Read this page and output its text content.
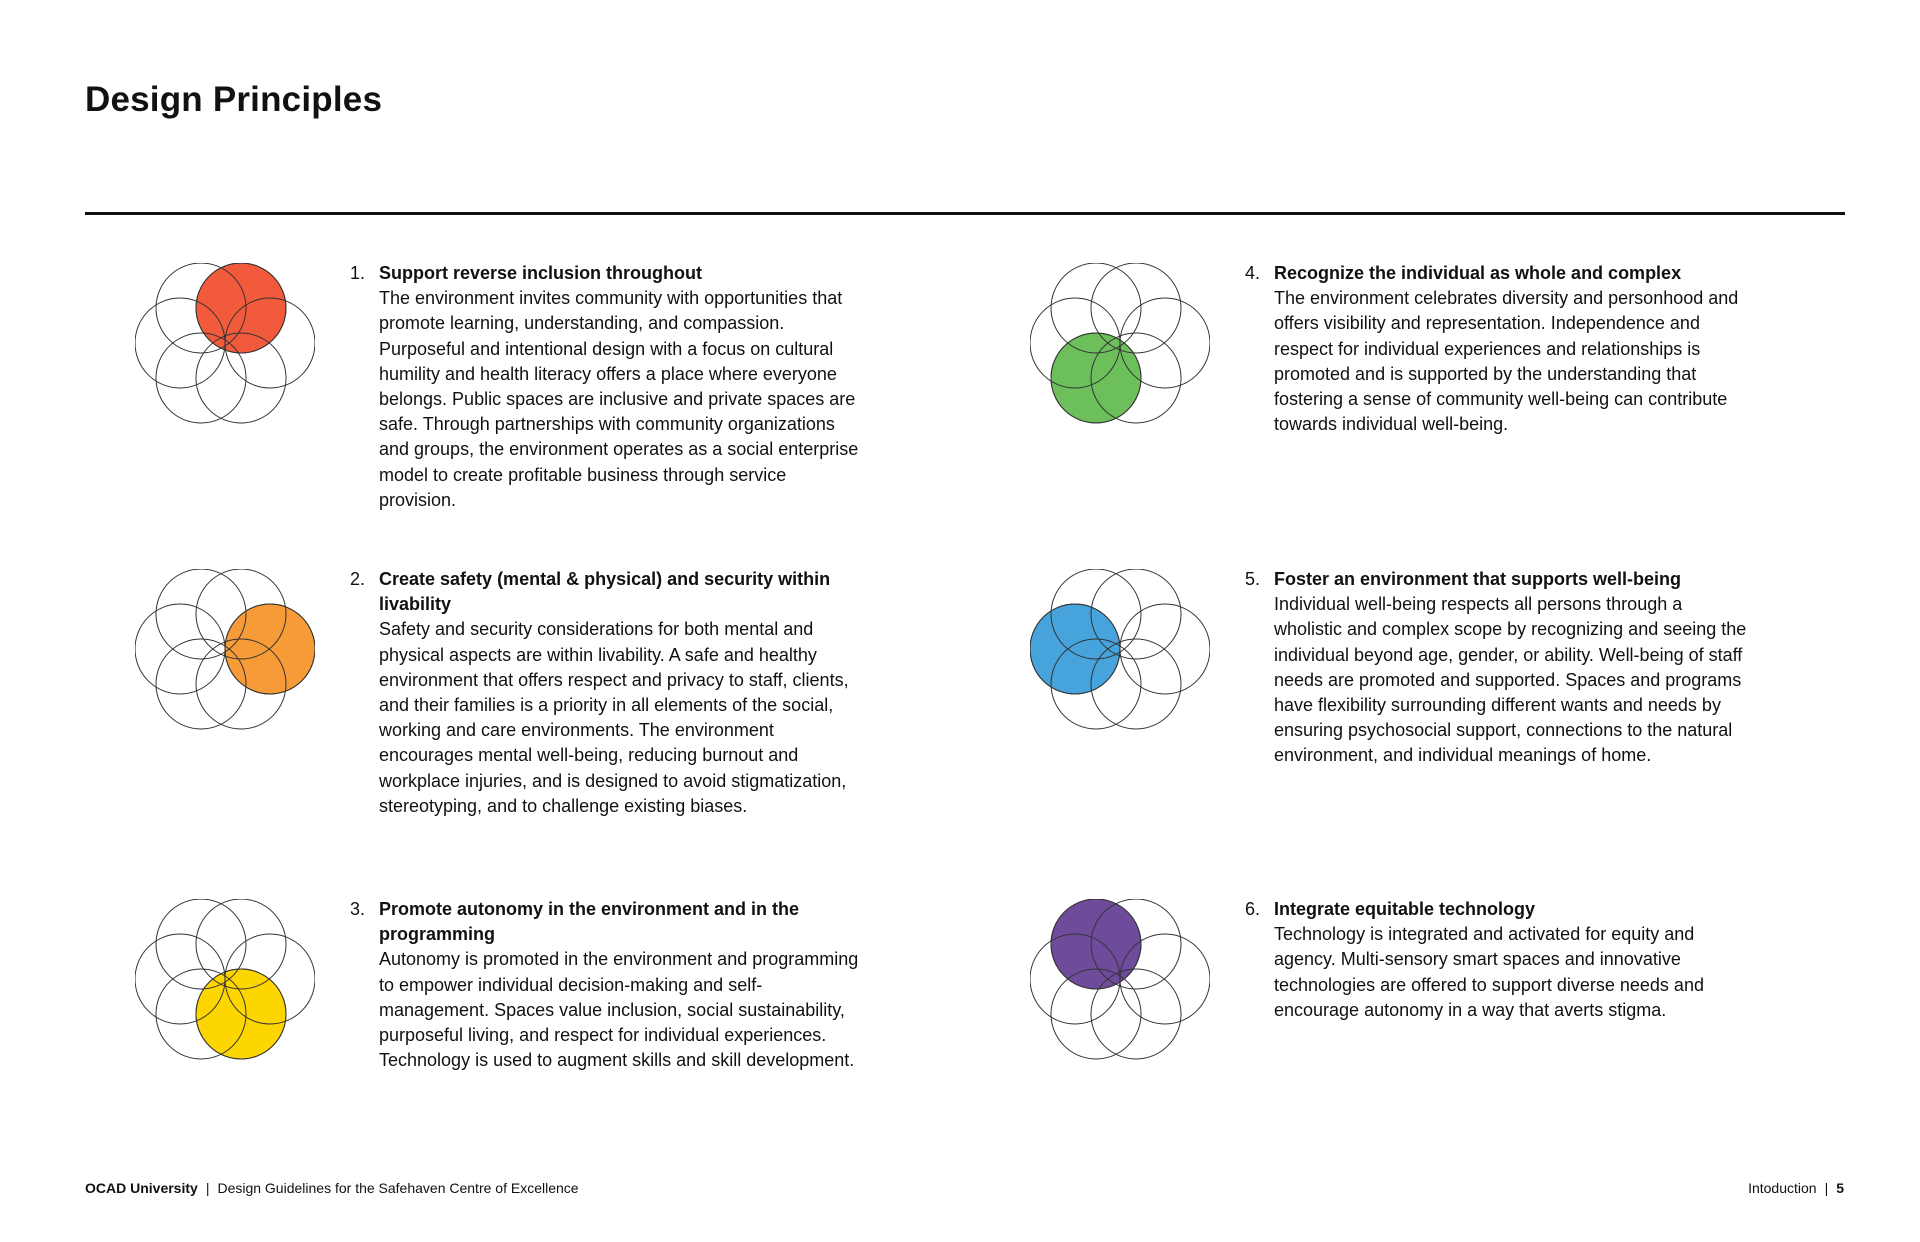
Design Principles
1. Support reverse inclusion throughout
The environment invites community with opportunities that promote learning, understanding, and compassion. Purposeful and intentional design with a focus on cultural humility and health literacy offers a place where everyone belongs. Public spaces are inclusive and private spaces are safe. Through partnerships with community organizations and groups, the environment operates as a social enterprise model to create profitable business through service provision.
2. Create safety (mental & physical) and security within livability
Safety and security considerations for both mental and physical aspects are within livability. A safe and healthy environment that offers respect and privacy to staff, clients, and their families is a priority in all elements of the social, working and care environments. The environment encourages mental well-being, reducing burnout and workplace injuries, and is designed to avoid stigmatization, stereotyping, and to challenge existing biases.
3. Promote autonomy in the environment and in the programming
Autonomy is promoted in the environment and programming to empower individual decision-making and self-management. Spaces value inclusion, social sustainability, purposeful living, and respect for individual experiences. Technology is used to augment skills and skill development.
4. Recognize the individual as whole and complex
The environment celebrates diversity and personhood and offers visibility and representation. Independence and respect for individual experiences and relationships is promoted and is supported by the understanding that fostering a sense of community well-being can contribute towards individual well-being.
5. Foster an environment that supports well-being
Individual well-being respects all persons through a wholistic and complex scope by recognizing and seeing the individual beyond age, gender, or ability. Well-being of staff needs are promoted and supported. Spaces and programs have flexibility surrounding different wants and needs by ensuring psychosocial support, connections to the natural environment, and individual meanings of home.
6. Integrate equitable technology
Technology is integrated and activated for equity and agency. Multi-sensory smart spaces and innovative technologies are offered to support diverse needs and encourage autonomy in a way that averts stigma.
OCAD University | Design Guidelines for the Safehaven Centre of Excellence	Intoduction | 5
